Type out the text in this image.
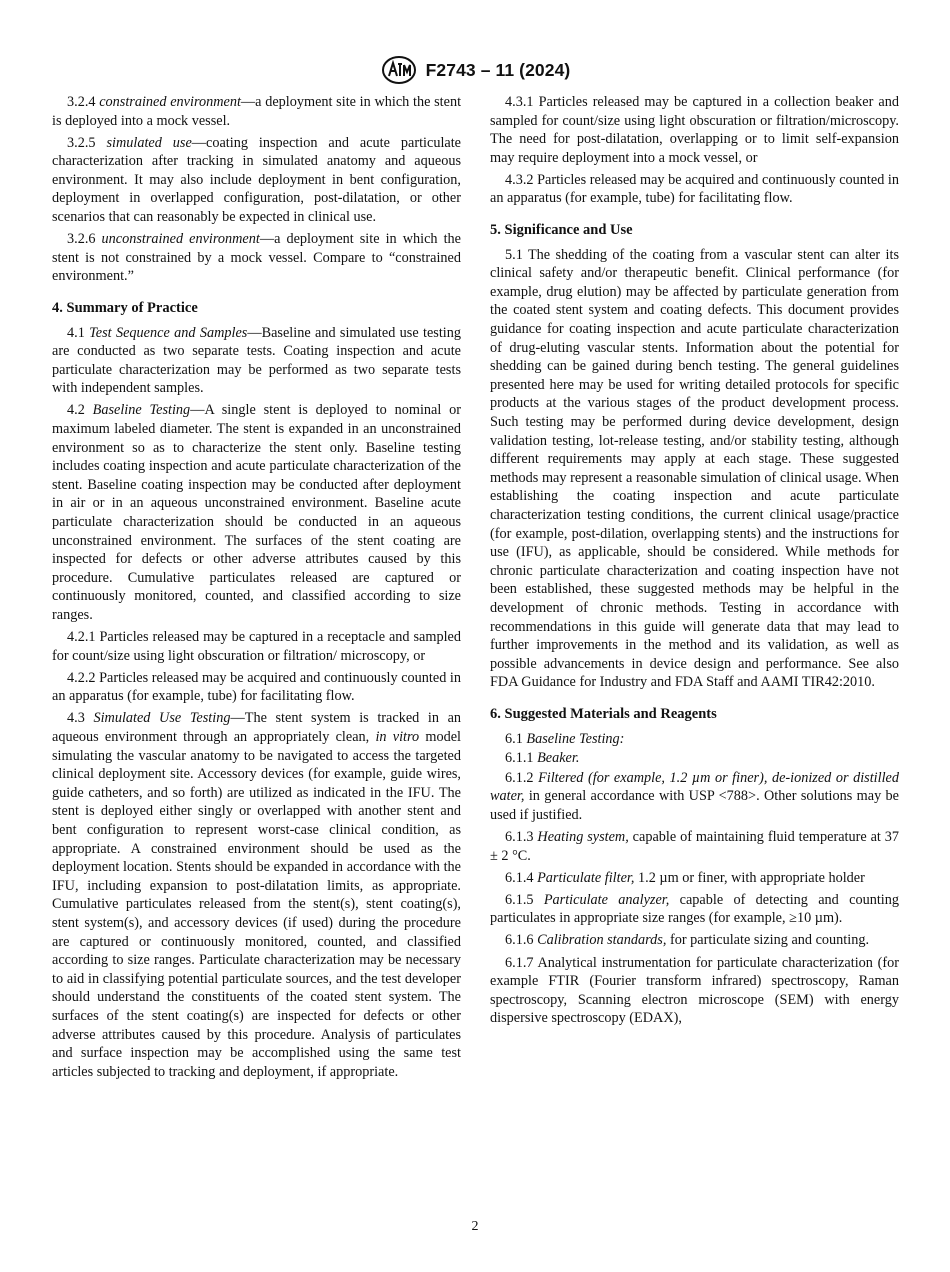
F2743 – 11 (2024)

3.2.4 constrained environment—a deployment site in which the stent is deployed into a mock vessel.

3.2.5 simulated use—coating inspection and acute particulate characterization after tracking in simulated anatomy and aqueous environment. It may also include deployment in bent configuration, deployment in overlapped configuration, post-dilatation, or other scenarios that can reasonably be expected in clinical use.

3.2.6 unconstrained environment—a deployment site in which the stent is not constrained by a mock vessel. Compare to “constrained environment.”

4. Summary of Practice

4.1 Test Sequence and Samples—Baseline and simulated use testing are conducted as two separate tests. Coating inspection and acute particulate characterization may be performed as two separate tests with independent samples.

4.2 Baseline Testing—A single stent is deployed to nominal or maximum labeled diameter. The stent is expanded in an unconstrained environment so as to characterize the stent only. Baseline testing includes coating inspection and acute particulate characterization of the stent. Baseline coating inspection may be conducted after deployment in air or in an aqueous unconstrained environment. Baseline acute particulate characterization should be conducted in an aqueous unconstrained environment. The surfaces of the stent coating are inspected for defects or other adverse attributes caused by this procedure. Cumulative particulates released are captured or continuously monitored, counted, and classified according to size ranges.

4.2.1 Particles released may be captured in a receptacle and sampled for count/size using light obscuration or filtration/ microscopy, or

4.2.2 Particles released may be acquired and continuously counted in an apparatus (for example, tube) for facilitating flow.

4.3 Simulated Use Testing—The stent system is tracked in an aqueous environment through an appropriately clean, in vitro model simulating the vascular anatomy to be navigated to access the targeted clinical deployment site. Accessory devices (for example, guide wires, guide catheters, and so forth) are utilized as indicated in the IFU. The stent is deployed either singly or overlapped with another stent and bent configuration to represent worst-case clinical condition, as appropriate. A constrained environment should be used as the deployment location. Stents should be expanded in accordance with the IFU, including expansion to post-dilatation limits, as appropriate. Cumulative particulates released from the stent(s), stent coating(s), stent system(s), and accessory devices (if used) during the procedure are captured or continuously monitored, counted, and classified according to size ranges. Particulate characterization may be necessary to aid in classifying potential particulate sources, and the test developer should understand the constituents of the coated stent system. The surfaces of the stent coating(s) are inspected for defects or other adverse attributes caused by this procedure. Analysis of particulates and surface inspection may be accomplished using the same test articles subjected to tracking and deployment, if appropriate.

4.3.1 Particles released may be captured in a collection beaker and sampled for count/size using light obscuration or filtration/microscopy. The need for post-dilatation, overlapping or to limit self-expansion may require deployment into a mock vessel, or

4.3.2 Particles released may be acquired and continuously counted in an apparatus (for example, tube) for facilitating flow.

5. Significance and Use

5.1 The shedding of the coating from a vascular stent can alter its clinical safety and/or therapeutic benefit. Clinical performance (for example, drug elution) may be affected by particulate generation from the coated stent system and coating defects. This document provides guidance for coating inspection and acute particulate characterization of drug-eluting vascular stents. Information about the potential for shedding can be gained during bench testing. The general guidelines presented here may be used for writing detailed protocols for specific products at the various stages of the product development process. Such testing may be performed during device development, design validation testing, lot-release testing, and/or stability testing, although different requirements may apply at each stage. These suggested methods may represent a reasonable simulation of clinical usage. When establishing the coating inspection and acute particulate characterization testing conditions, the current clinical usage/practice (for example, post-dilation, overlapping stents) and the instructions for use (IFU), as applicable, should be considered. While methods for chronic particulate characterization and coating inspection have not been established, these suggested methods may be helpful in the development of chronic methods. Testing in accordance with recommendations in this guide will generate data that may lead to further improvements in the method and its validation, as well as possible advancements in device design and performance. See also FDA Guidance for Industry and FDA Staff and AAMI TIR42:2010.

6. Suggested Materials and Reagents

6.1 Baseline Testing:

6.1.1 Beaker.

6.1.2 Filtered (for example, 1.2 µm or finer), de-ionized or distilled water, in general accordance with USP <788>. Other solutions may be used if justified.

6.1.3 Heating system, capable of maintaining fluid temperature at 37 ± 2 °C.

6.1.4 Particulate filter, 1.2 µm or finer, with appropriate holder

6.1.5 Particulate analyzer, capable of detecting and counting particulates in appropriate size ranges (for example, ≥10 µm).

6.1.6 Calibration standards, for particulate sizing and counting.

6.1.7 Analytical instrumentation for particulate characterization (for example FTIR (Fourier transform infrared) spectroscopy, Raman spectroscopy, Scanning electron microscope (SEM) with energy dispersive spectroscopy (EDAX),

2
